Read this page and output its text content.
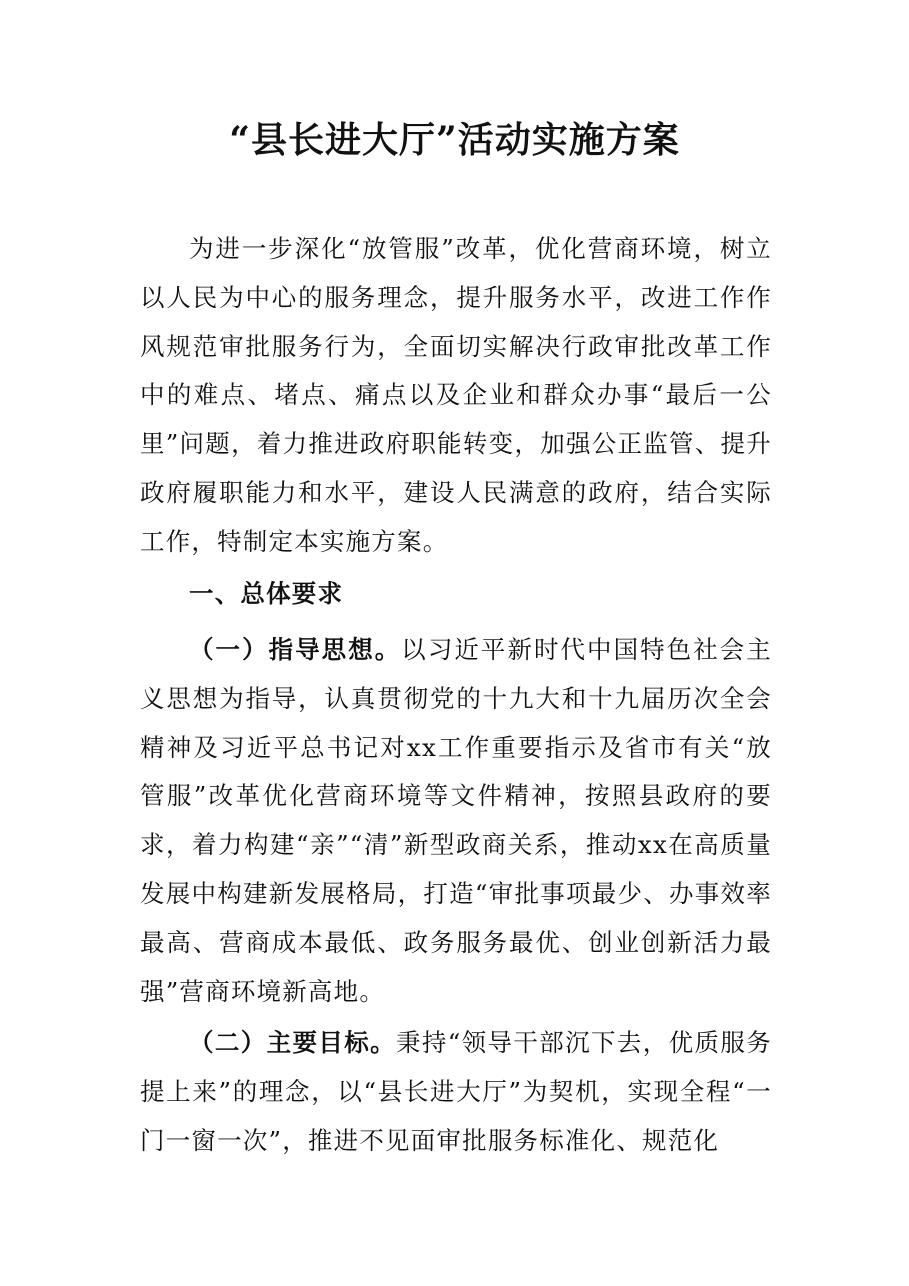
“县长进大厅”活动实施方案
为进一步深化“放管服”改革，优化营商环境，树立以人民为中心的服务理念，提升服务水平，改进工作作风规范审批服务行为，全面切实解决行政审批改革工作中的难点、堵点、痛点以及企业和群众办事“最后一公里”问题，着力推进政府职能转变，加强公正监管、提升政府履职能力和水平，建设人民满意的政府，结合实际工作，特制定本实施方案。
一、总体要求
（一）指导思想。以习近平新时代中国特色社会主义思想为指导，认真贯彻党的十九大和十九届历次全会精神及习近平总书记对xx工作重要指示及省市有关“放管服”改革优化营商环境等文件精神，按照县政府的要求，着力构建“亲”“清”新型政商关系，推动xx在高质量发展中构建新发展格局，打造“审批事项最少、办事效率最高、营商成本最低、政务服务最优、创业创新活力最强”营商环境新高地。
（二）主要目标。秉持“领导干部沉下去，优质服务提上来”的理念，以“县长进大厅”为契机，实现全程“一门一窗一次”，推进不见面审批服务标准化、规范化
